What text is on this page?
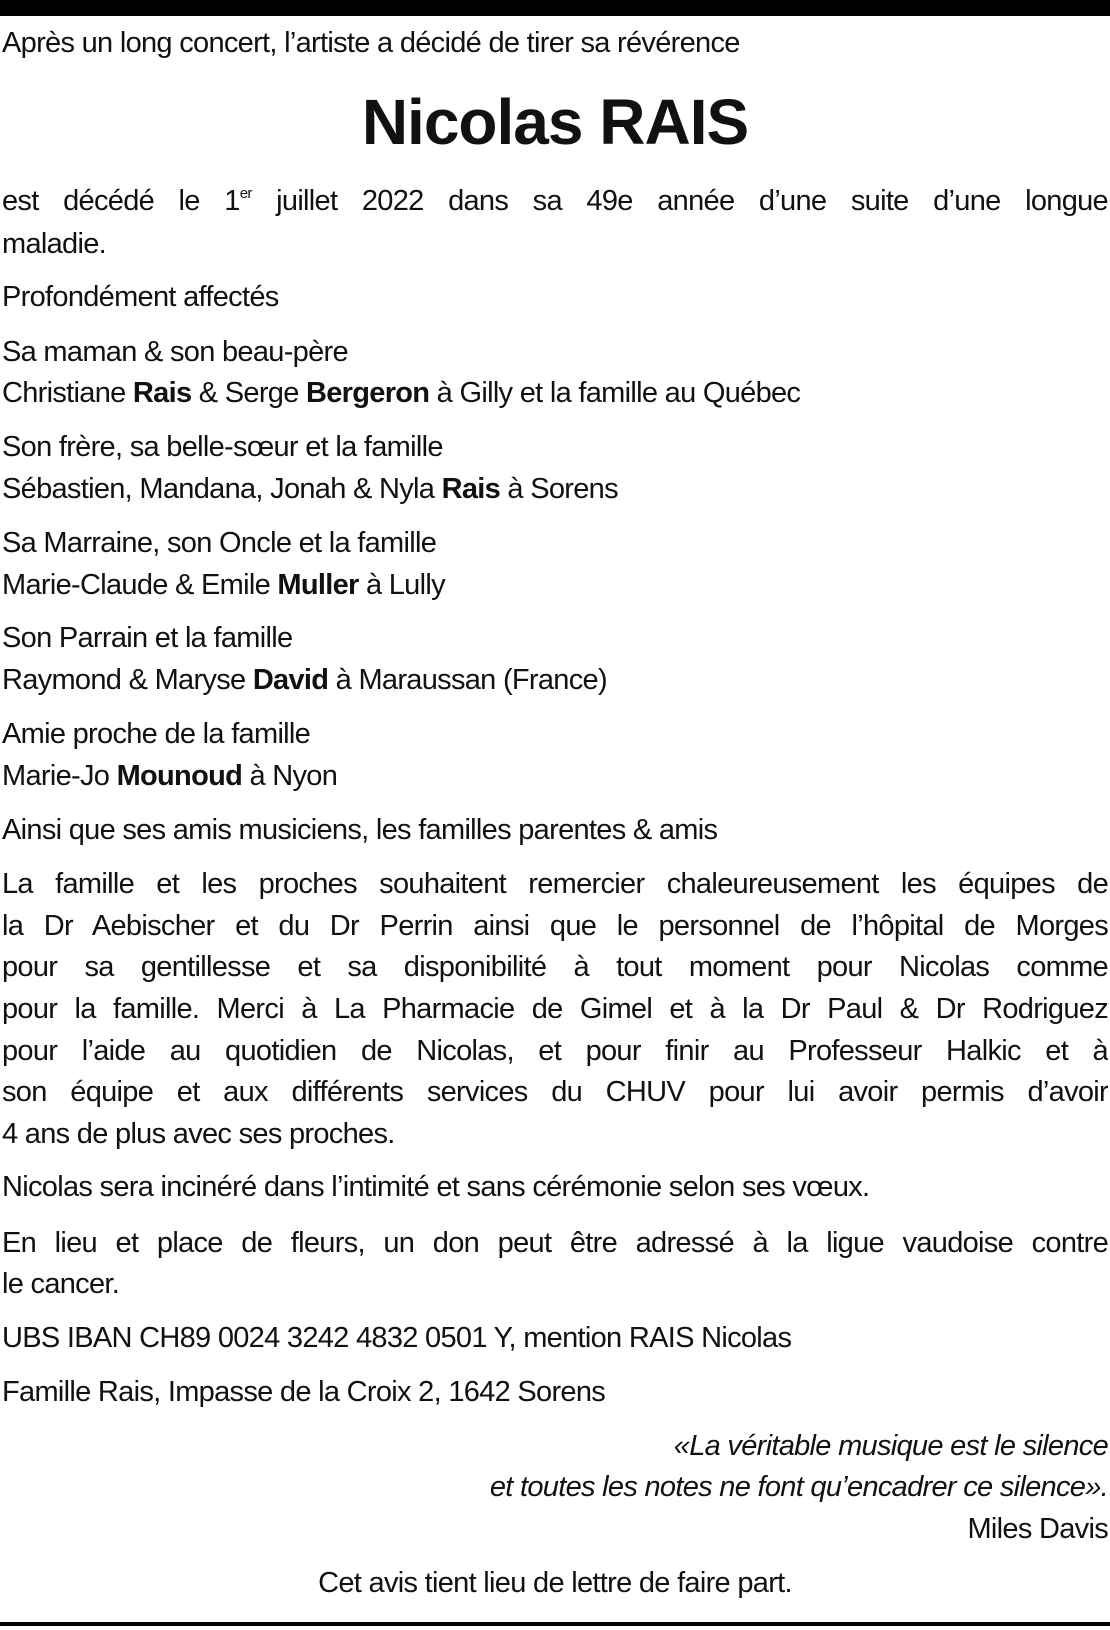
Après un long concert, l’artiste a décidé de tirer sa révérence
Nicolas RAIS
est décédé le 1er juillet 2022 dans sa 49e année d’une suite d’une longue
maladie.
Profondément affectés
Sa maman & son beau-père
Christiane Rais & Serge Bergeron à Gilly et la famille au Québec
Son frère, sa belle-sœur et la famille
Sébastien, Mandana, Jonah & Nyla Rais à Sorens
Sa Marraine, son Oncle et la famille
Marie-Claude & Emile Muller à Lully
Son Parrain et la famille
Raymond & Maryse David à Maraussan (France)
Amie proche de la famille
Marie-Jo Mounoud à Nyon
Ainsi que ses amis musiciens, les familles parentes & amis
La famille et les proches souhaitent remercier chaleureusement les équipes de
la Dr Aebischer et du Dr Perrin ainsi que le personnel de l’hôpital de Morges
pour sa gentillesse et sa disponibilité à tout moment pour Nicolas comme
pour la famille. Merci à La Pharmacie de Gimel et à la Dr Paul & Dr Rodriguez
pour l’aide au quotidien de Nicolas, et pour finir au Professeur Halkic et à
son équipe et aux différents services du CHUV pour lui avoir permis d’avoir
4 ans de plus avec ses proches.
Nicolas sera incinéré dans l’intimité et sans cérémonie selon ses vœux.
En lieu et place de fleurs, un don peut être adressé à la ligue vaudoise contre
le cancer.
UBS IBAN CH89 0024 3242 4832 0501 Y, mention RAIS Nicolas
Famille Rais, Impasse de la Croix 2, 1642 Sorens
«La véritable musique est le silence
et toutes les notes ne font qu’encadrer ce silence».
Miles Davis
Cet avis tient lieu de lettre de faire part.
